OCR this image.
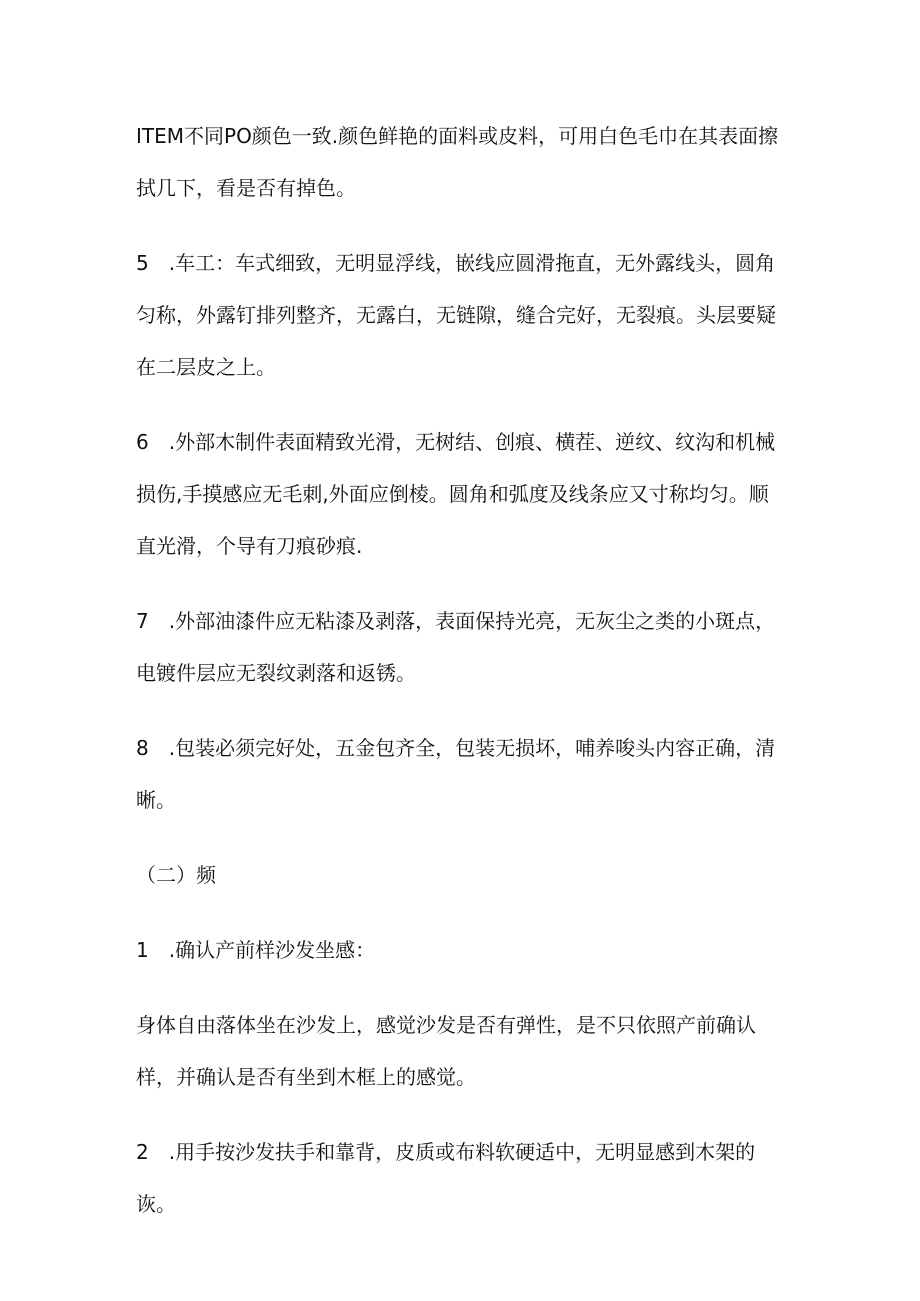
ITEM不同PO颜色一致.颜色鲜艳的面料或皮料，可用白色毛巾在其表面擦拭几下，看是否有掉色。

5　.车工：车式细致，无明显浮线，嵌线应圆滑拖直，无外露线头，圆角匀称，外露钉排列整齐，无露白，无链隙，缝合完好，无裂痕。头层要疑在二层皮之上。

6　.外部木制件表面精致光滑，无树结、创痕、横茬、逆纹、纹沟和机械损伤,手摸感应无毛刺,外面应倒棱。圆角和弧度及线条应又寸称均匀。顺直光滑，个导有刀痕砂痕.

7　.外部油漆件应无粘漆及剥落，表面保持光亮，无灰尘之类的小斑点，电镀件层应无裂纹剥落和返锈。

8　.包装必须完好处，五金包齐全，包装无损坏，哺养唆头内容正确，清晰。

（二）频

1　.确认产前样沙发坐感：

身体自由落体坐在沙发上，感觉沙发是否有弹性，是不只依照产前确认样，并确认是否有坐到木框上的感觉。

2　.用手按沙发扶手和靠背，皮质或布料软硬适中，无明显感到木架的诙。
